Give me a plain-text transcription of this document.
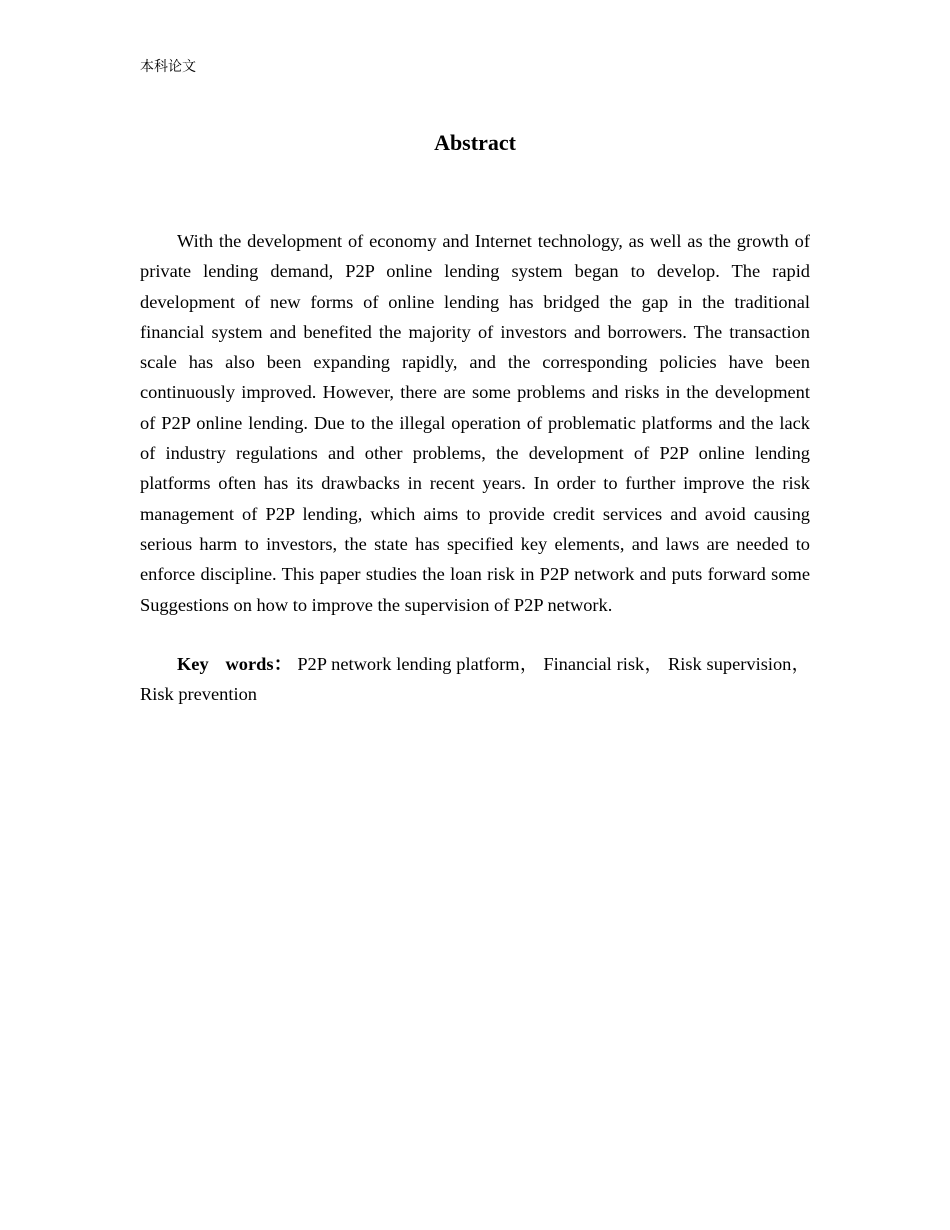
本科论文
Abstract

With the development of economy and Internet technology, as well as the growth of private lending demand, P2P online lending system began to develop. The rapid development of new forms of online lending has bridged the gap in the traditional financial system and benefited the majority of investors and borrowers. The transaction scale has also been expanding rapidly, and the corresponding policies have been continuously improved. However, there are some problems and risks in the development of P2P online lending. Due to the illegal operation of problematic platforms and the lack of industry regulations and other problems, the development of P2P online lending platforms often has its drawbacks in recent years. In order to further improve the risk management of P2P lending, which aims to provide credit services and avoid causing serious harm to investors, the state has specified key elements, and laws are needed to enforce discipline. This paper studies the loan risk in P2P network and puts forward some Suggestions on how to improve the supervision of P2P network.

Key words： P2P network lending platform， Financial risk， Risk supervision，Risk prevention
